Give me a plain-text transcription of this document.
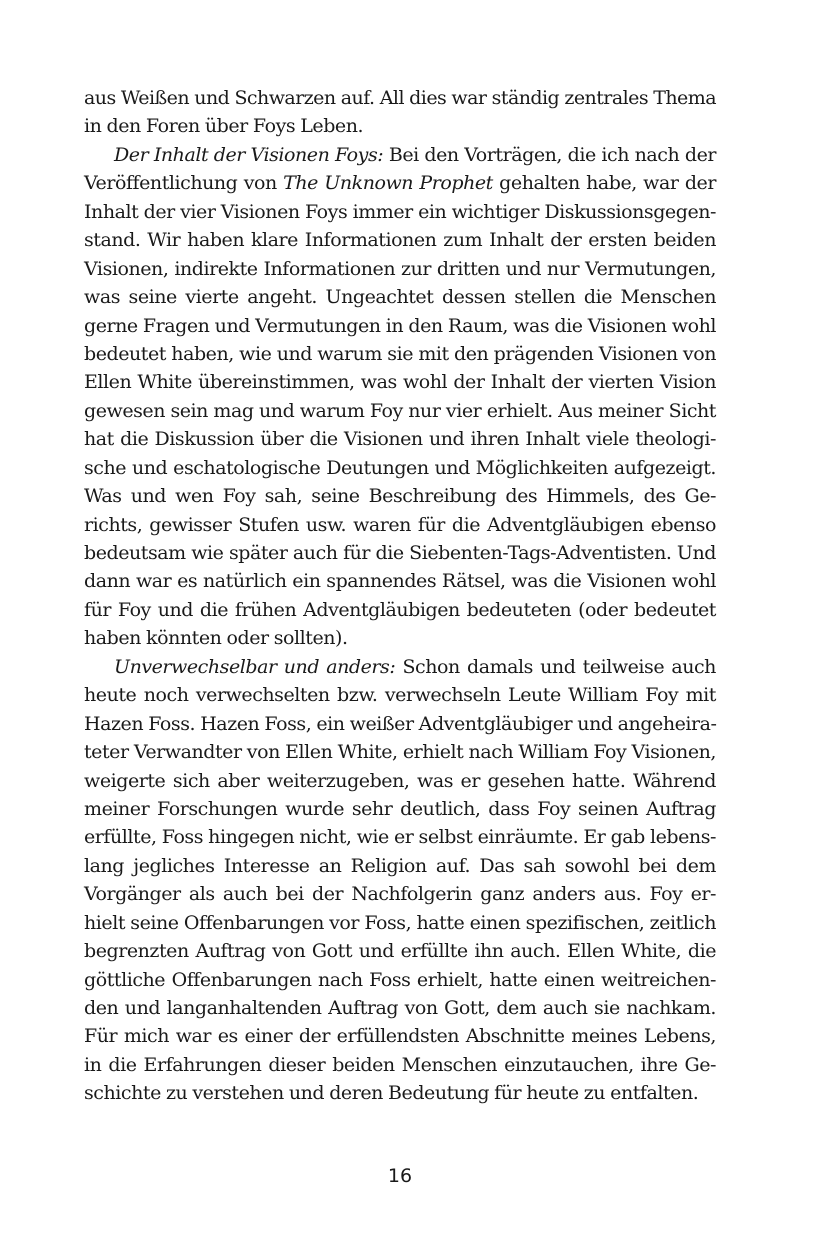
aus Weißen und Schwarzen auf. All dies war ständig zentrales Thema
in den Foren über Foys Leben.
Der Inhalt der Visionen Foys: Bei den Vorträgen, die ich nach der
Veröffentlichung von The Unknown Prophet gehalten habe, war der
Inhalt der vier Visionen Foys immer ein wichtiger Diskussionsgegen-
stand. Wir haben klare Informationen zum Inhalt der ersten beiden
Visionen, indirekte Informationen zur dritten und nur Vermutungen,
was seine vierte angeht. Ungeachtet dessen stellen die Menschen
gerne Fragen und Vermutungen in den Raum, was die Visionen wohl
bedeutet haben, wie und warum sie mit den prägenden Visionen von
Ellen White übereinstimmen, was wohl der Inhalt der vierten Vision
gewesen sein mag und warum Foy nur vier erhielt. Aus meiner Sicht
hat die Diskussion über die Visionen und ihren Inhalt viele theologi-
sche und eschatologische Deutungen und Möglichkeiten aufgezeigt.
Was und wen Foy sah, seine Beschreibung des Himmels, des Ge-
richts, gewisser Stufen usw. waren für die Adventgläubigen ebenso
bedeutsam wie später auch für die Siebenten-Tags-Adventisten. Und
dann war es natürlich ein spannendes Rätsel, was die Visionen wohl
für Foy und die frühen Adventgläubigen bedeuteten (oder bedeutet
haben könnten oder sollten).
Unverwechselbar und anders: Schon damals und teilweise auch
heute noch verwechselten bzw. verwechseln Leute William Foy mit
Hazen Foss. Hazen Foss, ein weißer Adventgläubiger und angeheira-
teter Verwandter von Ellen White, erhielt nach William Foy Visionen,
weigerte sich aber weiterzugeben, was er gesehen hatte. Während
meiner Forschungen wurde sehr deutlich, dass Foy seinen Auftrag
erfüllte, Foss hingegen nicht, wie er selbst einräumte. Er gab lebens-
lang jegliches Interesse an Religion auf. Das sah sowohl bei dem
Vorgänger als auch bei der Nachfolgerin ganz anders aus. Foy er-
hielt seine Offenbarungen vor Foss, hatte einen spezifischen, zeitlich
begrenzten Auftrag von Gott und erfüllte ihn auch. Ellen White, die
göttliche Offenbarungen nach Foss erhielt, hatte einen weitreichen-
den und langanhaltenden Auftrag von Gott, dem auch sie nachkam.
Für mich war es einer der erfüllendsten Abschnitte meines Lebens,
in die Erfahrungen dieser beiden Menschen einzutauchen, ihre Ge-
schichte zu verstehen und deren Bedeutung für heute zu entfalten.
16
